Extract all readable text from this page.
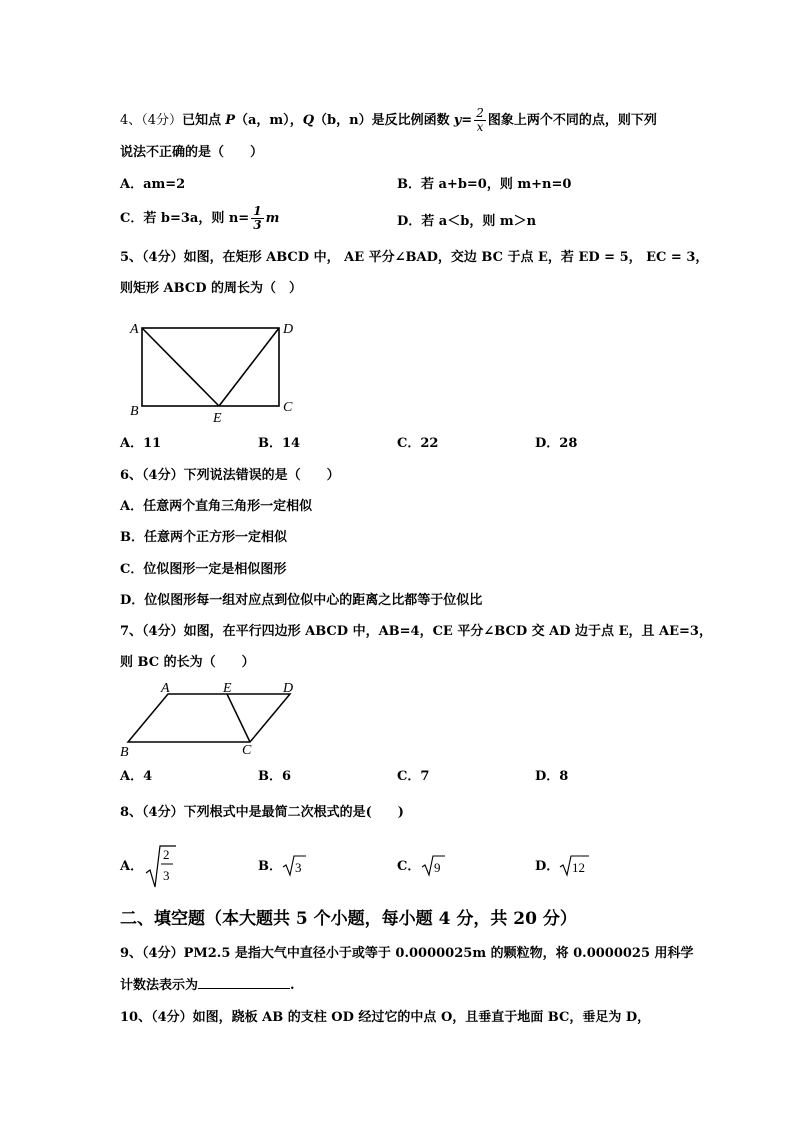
4、（4分）已知点 P（a，m），Q（b，n）是反比例函数 $y= \frac{2}{x}$ 图象上两个不同的点，则下列
说法不正确的是（　　）
A．am=2	B．若 a+b=0，则 m+n=0
C．若 b=3a，则 $n= \frac{1}{3}$ m	D．若 a＜b，则 m＞n
5、（4分）如图，在矩形 ABCD 中， AE 平分∠BAD，交边 BC 于点 E，若 ED = 5， EC = 3，
则矩形 ABCD 的周长为（　）
A	D
B	C
E
A．11	B．14	C．22	D．28
6、（4分）下列说法错误的是（　　）
A．任意两个直角三角形一定相似
B．任意两个正方形一定相似
C．位似图形一定是相似图形
D．位似图形每一组对应点到位似中心的距离之比都等于位似比
7、（4分）如图，在平行四边形 ABCD 中，AB=4，CE 平分∠BCD 交 AD 边于点 E，且 AE=3，
则 BC 的长为（　　）
A	E	D
B	C
A．4	B．6	C．7	D．8
8、（4分）下列根式中是最简二次根式的是(　　)
A．
2
3
B． 3	C． 9	D． 12
二、填空题（本大题共 5 个小题，每小题 4 分，共 20 分）
9、（4分）PM2.5 是指大气中直径小于或等于 0.0000025m 的颗粒物，将 0.0000025 用科学
计数法表示为	.
10、（4分）如图，跷板 AB 的支柱 OD 经过它的中点 O，且垂直于地面 BC，垂足为 D，
